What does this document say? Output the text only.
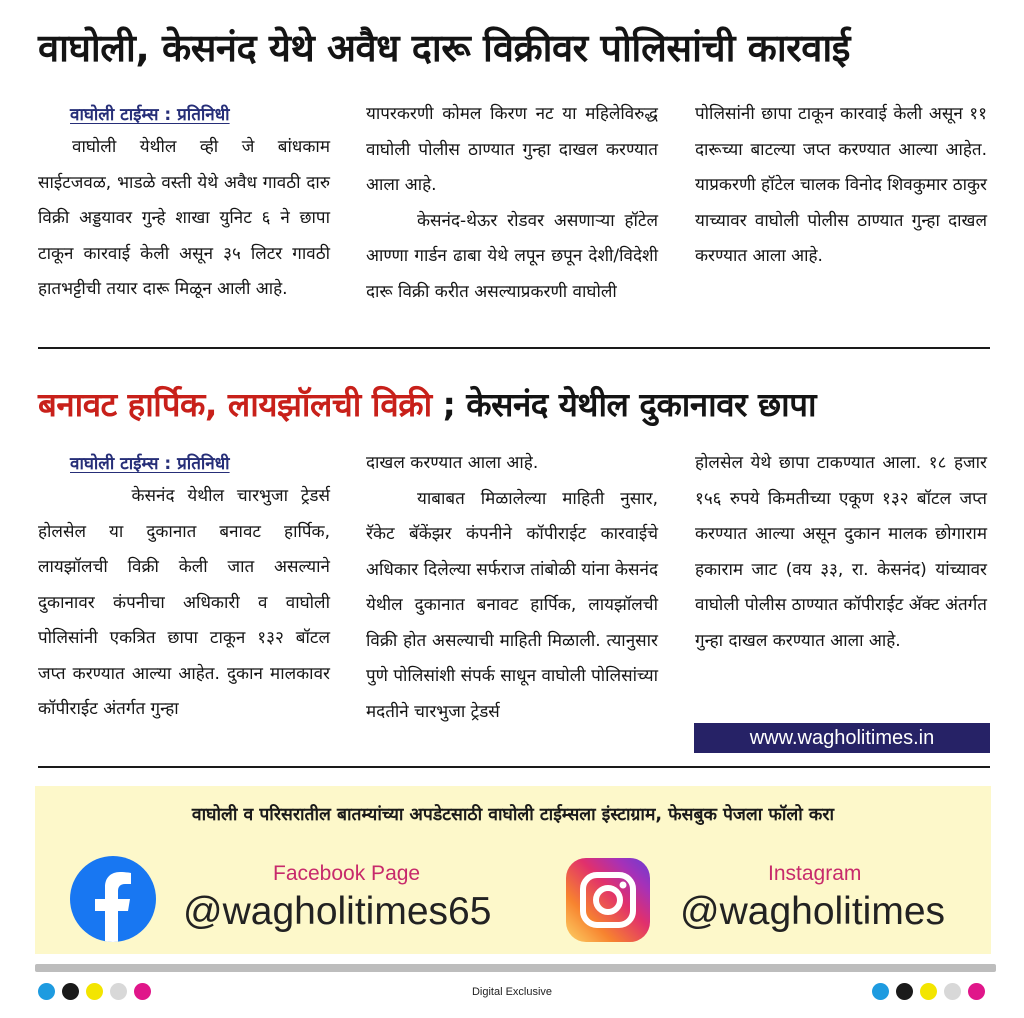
वाघोली, केसनंद येथे अवैध दारू विक्रीवर पोलिसांची कारवाई
वाघोली टाईम्स : प्रतिनिधी

वाघोली येथील व्ही जे बांधकाम साईटजवळ, भाडळे वस्ती येथे अवैध गावठी दारु विक्री अड्डयावर गुन्हे शाखा युनिट ६ ने छापा टाकून कारवाई केली असून ३५ लिटर गावठी हातभट्टीची तयार दारू मिळून आली आहे.

यापरकरणी कोमल किरण नट या महिलेविरुद्ध वाघोली पोलीस ठाण्यात गुन्हा दाखल करण्यात आला आहे.

केसनंद-थेऊर रोडवर असणाऱ्या हॉटेल आण्णा गार्डन ढाबा येथे लपून छपून देशी/विदेशी दारू विक्री करीत असल्याप्रकरणी वाघोली

पोलिसांनी छापा टाकून कारवाई केली असून ११ दारूच्या बाटल्या जप्त करण्यात आल्या आहेत. याप्रकरणी हॉटेल चालक विनोद शिवकुमार ठाकुर याच्यावर वाघोली पोलीस ठाण्यात गुन्हा दाखल करण्यात आला आहे.

बनावट हार्पिक, लायझॉलची विक्री ; केसनंद येथील दुकानावर छापा
वाघोली टाईम्स : प्रतिनिधी

केसनंद येथील चारभुजा ट्रेडर्स होलसेल या दुकानात बनावट हार्पिक, लायझॉलची विक्री केली जात असल्याने दुकानावर कंपनीचा अधिकारी व वाघोली पोलिसांनी एकत्रित छापा टाकून १३२ बॉटल जप्त करण्यात आल्या आहेत. दुकान मालकावर कॉपीराईट अंतर्गत गुन्हा

दाखल करण्यात आला आहे.

याबाबत मिळालेल्या माहिती नुसार, रॅकेट बॅकेंझर कंपनीने कॉपीराईट कारवाईचे अधिकार दिलेल्या सर्फराज तांबोळी यांना केसनंद येथील दुकानात बनावट हार्पिक, लायझॉलची विक्री होत असल्याची माहिती मिळाली. त्यानुसार पुणे पोलिसांशी संपर्क साधून वाघोली पोलिसांच्या मदतीने चारभुजा ट्रेडर्स

होलसेल येथे छापा टाकण्यात आला. १८ हजार १५६ रुपये किमतीच्या एकूण १३२ बॉटल जप्त करण्यात आल्या असून दुकान मालक छोगाराम हकाराम जाट (वय ३३, रा. केसनंद) यांच्यावर वाघोली पोलीस ठाण्यात कॉपीराईट अ‍ॅक्ट अंतर्गत गुन्हा दाखल करण्यात आला आहे.

www.wagholitimes.in
वाघोली व परिसरातील बातम्यांच्या अपडेटसाठी वाघोली टाईम्सला इंस्टाग्राम, फेसबुक पेजला फॉलो करा
Facebook Page
@wagholitimes65
Instagram
@wagholitimes
Digital Exclusive
